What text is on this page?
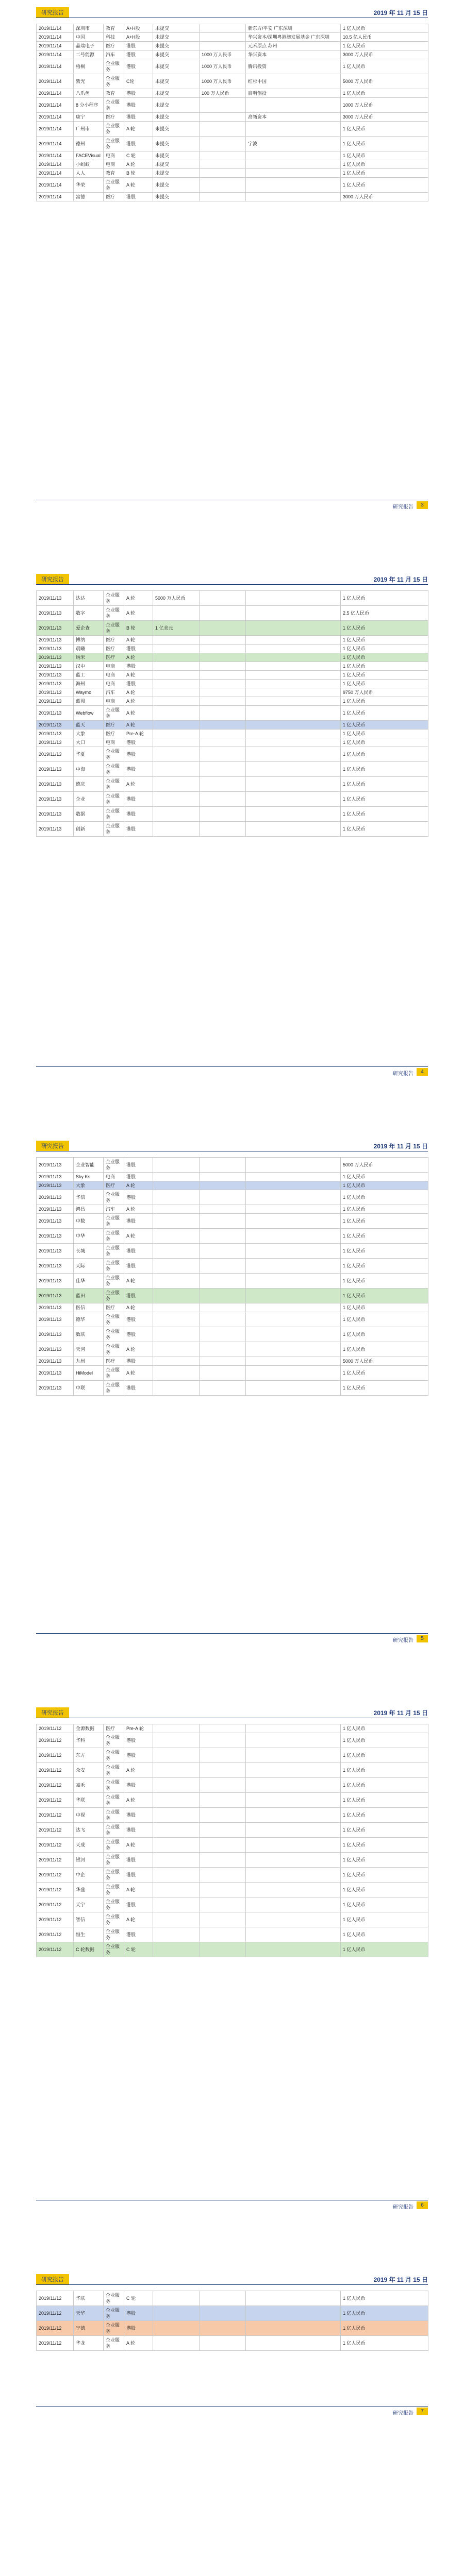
研究报告	2019 年 11 月 15 日
2019/11/14	深圳市	教育	A+H股	未提交		新东方/平安 广东深圳	1 亿人民币
2019/11/14	中国	科技	A+H股	未提交		华兴资本/深圳粤港澳发展基金 广东深圳	10.5 亿人民币
2019/11/14	晶瑞电子	医疗	港股	未提交		元禾原点 苏州	1 亿人民币
2019/11/14	二号能源	汽车	港股	未提交	1000 万人民币	华兴资本	3000 万人民币
2019/11/14	梧桐	企业服务	港股	未提交	1000 万人民币	腾讯投资	1 亿人民币
2019/11/14	紫光	企业服务	C轮	未提交	1000 万人民币	红杉中国	5000 万人民币
2019/11/14	八爪鱼	教育	港股	未提交	100 万人民币	启明创投	1 亿人民币
2019/11/14	8 分小程序	企业服务	港股	未提交			1000 万人民币
2019/11/14	康宁	医疗	港股	未提交		高瓴资本	3000 万人民币
2019/11/14	广州市	企业服务	A 轮	未提交			1 亿人民币
2019/11/14	德州	企业服务	港股	未提交		宁波	1 亿人民币
2019/11/14	FACEVisual	电商	C 轮	未提交			1 亿人民币
2019/11/14	小蚂蚁	电商	A 轮	未提交			1 亿人民币
2019/11/14	人人	教育	B 轮	未提交			1 亿人民币
2019/11/14	华荣	企业服务	A 轮	未提交			1 亿人民币
2019/11/14	富德	医疗	港股	未提交			3000 万人民币
研究报告	3
研究报告	2019 年 11 月 15 日
2019/11/13	达达	企业服务	A 轮	5000 万人民币			1 亿人民币
2019/11/13	数字	企业服务	A 轮				2.5 亿人民币
2019/11/13	爱企查	企业服务	B 轮	1 亿美元			1 亿人民币
2019/11/13	博纳	医疗	A 轮				1 亿人民币
2019/11/13	晨曦	医疗	港股				1 亿人民币
2019/11/13	纳米	医疗	A 轮				1 亿人民币
2019/11/13	汉中	电商	港股				1 亿人民币
2019/11/13	蓝工	电商	A 轮				1 亿人民币
2019/11/13	海州	电商	港股				1 亿人民币
2019/11/13	Waymo	汽车	A 轮				9750 万人民币
2019/11/13	蓝图	电商	A 轮				1 亿人民币
2019/11/13	Webflow	企业服务	A 轮				1 亿人民币
2019/11/13	蓝天	医疗	A 轮				1 亿人民币
2019/11/13	大象	医疗	Pre-A 轮				1 亿人民币
2019/11/13	大口	电商	港股				1 亿人民币
2019/11/13	华夏	企业服务	港股				1 亿人民币
2019/11/13	中海	企业服务	港股				1 亿人民币
2019/11/13	德庆	企业服务	A 轮				1 亿人民币
2019/11/13	企业	企业服务	港股				1 亿人民币
2019/11/13	数据	企业服务	港股				1 亿人民币
2019/11/13	创新	企业服务	港股				1 亿人民币
研究报告	4
研究报告	2019 年 11 月 15 日
2019/11/13	企业智能	企业服务	港股				5000 万人民币
2019/11/13	Sky Ks	电商	港股				1 亿人民币
2019/11/13	大象	医疗	A 轮				1 亿人民币
2019/11/13	华信	企业服务	港股				1 亿人民币
2019/11/13	鸿昌	汽车	A 轮				1 亿人民币
2019/11/13	中数	企业服务	港股				1 亿人民币
2019/11/13	中华	企业服务	A 轮				1 亿人民币
2019/11/13	长城	企业服务	港股				1 亿人民币
2019/11/13	天际	企业服务	港股				1 亿人民币
2019/11/13	佳华	企业服务	A 轮				1 亿人民币
2019/11/13	蓝田	企业服务	港股				1 亿人民币
2019/11/13	医信	医疗	A 轮				1 亿人民币
2019/11/13	德华	企业服务	港股				1 亿人民币
2019/11/13	数联	企业服务	港股				1 亿人民币
2019/11/13	天河	企业服务	A 轮				1 亿人民币
2019/11/13	九州	医疗	港股				5000 万人民币
2019/11/13	HiModel	企业服务	A 轮				1 亿人民币
2019/11/13	中联	企业服务	港股				1 亿人民币
研究报告	5
研究报告	2019 年 11 月 15 日
2019/11/12	金源数据	医疗	Pre-A 轮				1 亿人民币
2019/11/12	华科	企业服务	港股				1 亿人民币
2019/11/12	东方	企业服务	港股				1 亿人民币
2019/11/12	众安	企业服务	A 轮				1 亿人民币
2019/11/12	嘉禾	企业服务	港股				1 亿人民币
2019/11/12	华联	企业服务	A 轮				1 亿人民币
2019/11/12	中视	企业服务	港股				1 亿人民币
2019/11/12	达飞	企业服务	港股				1 亿人民币
2019/11/12	天成	企业服务	A 轮				1 亿人民币
2019/11/12	银河	企业服务	港股				1 亿人民币
2019/11/12	中企	企业服务	港股				1 亿人民币
2019/11/12	华盛	企业服务	A 轮				1 亿人民币
2019/11/12	天宇	企业服务	港股				1 亿人民币
2019/11/12	智信	企业服务	A 轮				1 亿人民币
2019/11/12	恒生	企业服务	港股				1 亿人民币
2019/11/12	C 轮数据	企业服务	C 轮				1 亿人民币
研究报告	6
研究报告	2019 年 11 月 15 日
2019/11/12	华联	企业服务	C 轮				1 亿人民币
2019/11/12	天华	企业服务	港股				1 亿人民币
2019/11/12	宁德	企业服务	港股				1 亿人民币
2019/11/12	华龙	企业服务	A 轮				1 亿人民币
研究报告	7
